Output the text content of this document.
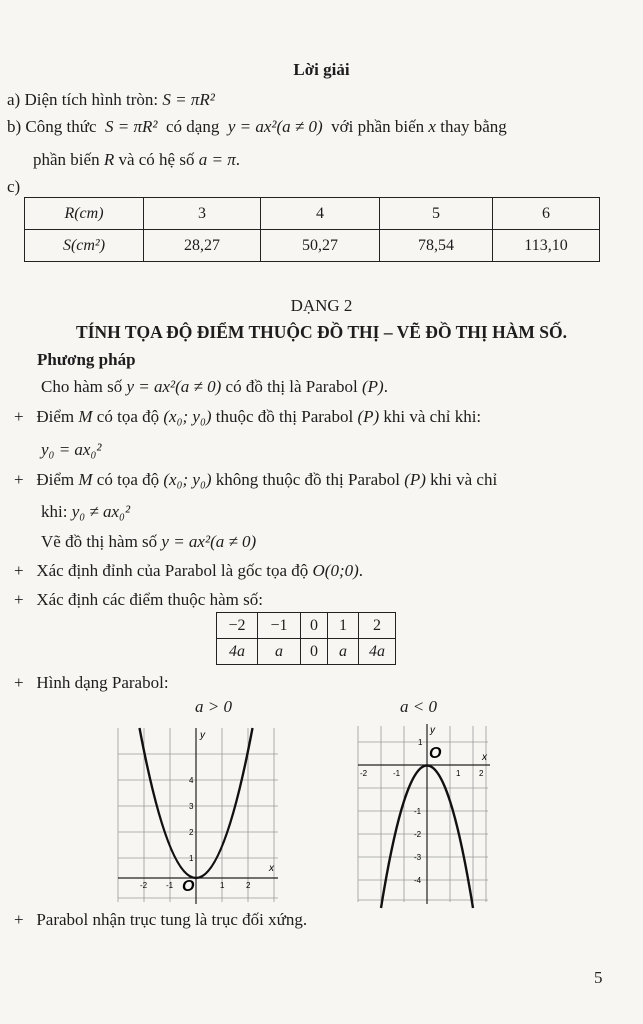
Lời giải
a) Diện tích hình tròn: S = πR²
b) Công thức S = πR² có dạng y = ax²(a ≠ 0) với phần biến x thay bằng
phần biến R và có hệ số a = π.
c)
R(cm)	3	4	5	6
S(cm²)	28,27	50,27	78,54	113,10
DẠNG 2
TÍNH TỌA ĐỘ ĐIỂM THUỘC ĐỒ THỊ – VẼ ĐỒ THỊ HÀM SỐ.
Phương pháp
Cho hàm số y = ax²(a ≠ 0) có đồ thị là Parabol (P).
+ Điểm M có tọa độ (x₀; y₀) thuộc đồ thị Parabol (P) khi và chỉ khi:
y₀ = ax₀²
+ Điểm M có tọa độ (x₀; y₀) không thuộc đồ thị Parabol (P) khi và chỉ
khi: y₀ ≠ ax₀²
Vẽ đồ thị hàm số y = ax²(a ≠ 0)
+ Xác định đỉnh của Parabol là gốc tọa độ O(0;0).
+ Xác định các điểm thuộc hàm số:
−2	−1	0	1	2
4a	a	0	a	4a
+ Hình dạng Parabol:
a > 0
y
x
O
-2 -1	1	2
1
2
3
4
a < 0
y
x
O
-2	-1	1 2
1
-1
-2
-3
-4
+ Parabol nhận trục tung là trục đối xứng.
5
